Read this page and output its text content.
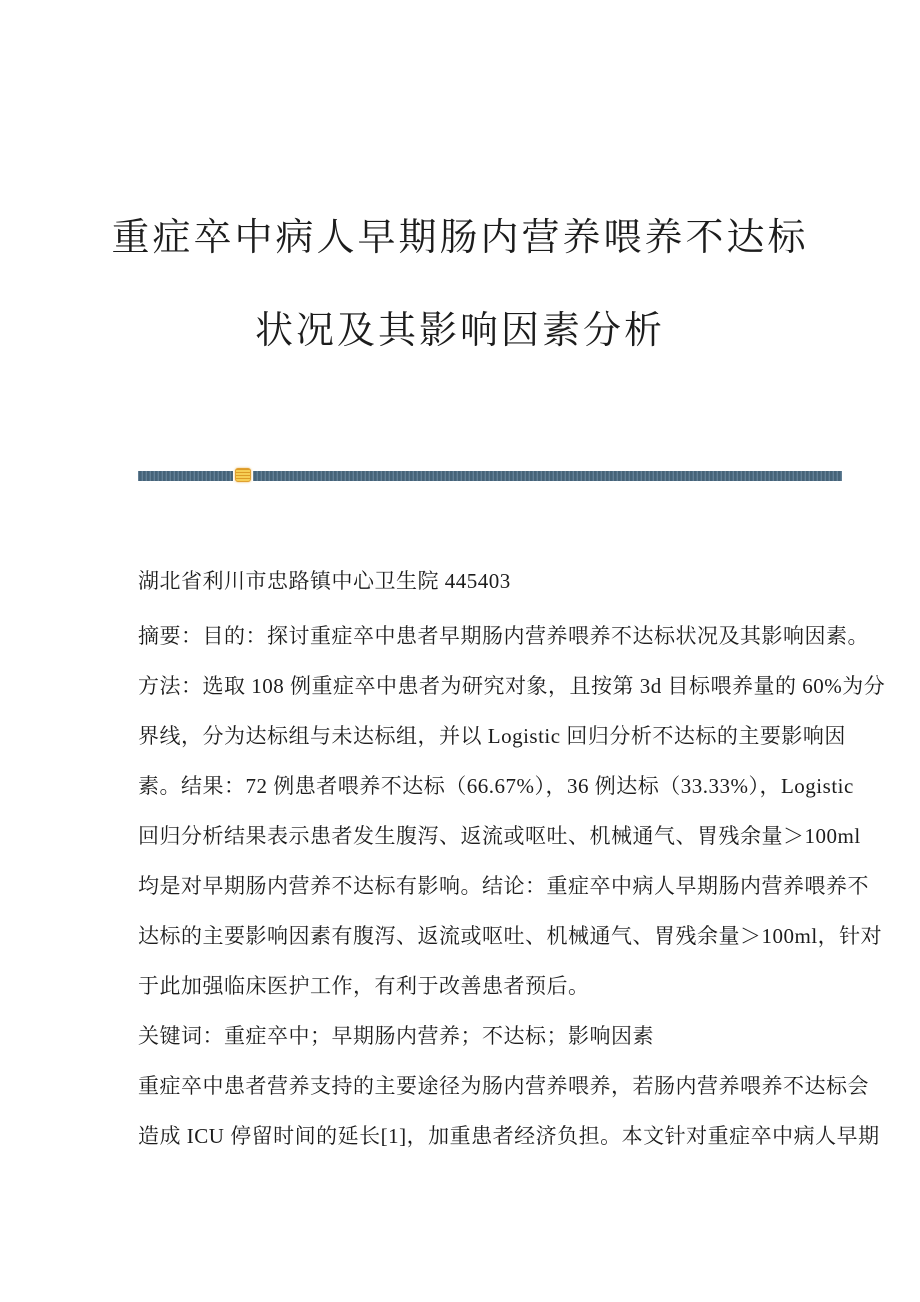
重症卒中病人早期肠内营养喂养不达标
状况及其影响因素分析
湖北省利川市忠路镇中心卫生院 445403
摘要：目的：探讨重症卒中患者早期肠内营养喂养不达标状况及其影响因素。
方法：选取 108 例重症卒中患者为研究对象，且按第 3d 目标喂养量的 60%为分
界线，分为达标组与未达标组，并以 Logistic 回归分析不达标的主要影响因
素。结果：72 例患者喂养不达标（66.67%），36 例达标（33.33%），Logistic
回归分析结果表示患者发生腹泻、返流或呕吐、机械通气、胃残余量＞100ml
均是对早期肠内营养不达标有影响。结论：重症卒中病人早期肠内营养喂养不
达标的主要影响因素有腹泻、返流或呕吐、机械通气、胃残余量＞100ml，针对
于此加强临床医护工作，有利于改善患者预后。
关键词：重症卒中；早期肠内营养；不达标；影响因素
重症卒中患者营养支持的主要途径为肠内营养喂养，若肠内营养喂养不达标会
造成 ICU 停留时间的延长[1]，加重患者经济负担。本文针对重症卒中病人早期
